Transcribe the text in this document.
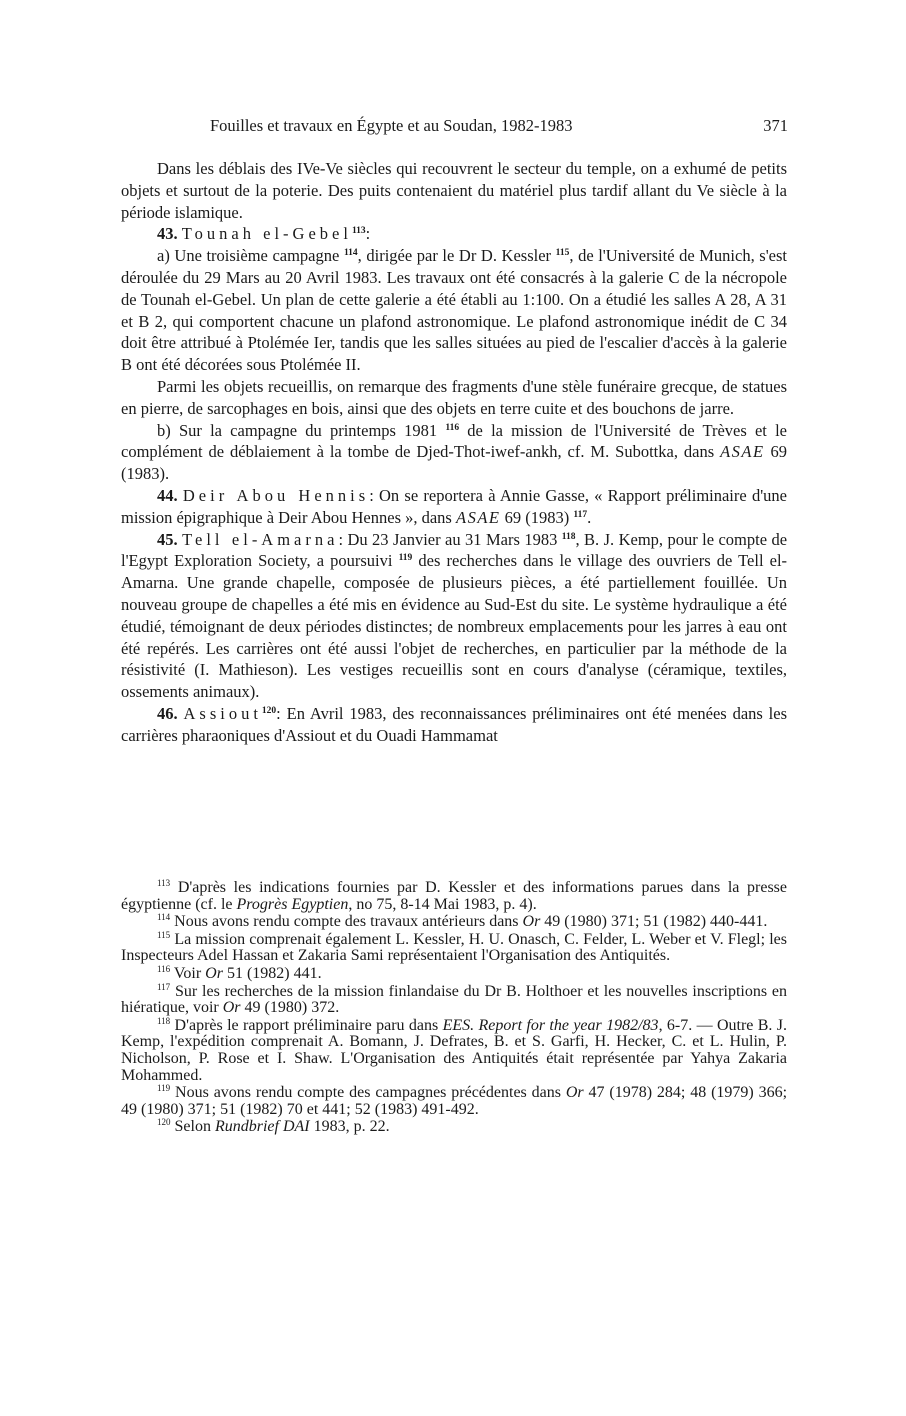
Fouilles et travaux en Égypte et au Soudan, 1982-1983	371

Dans les déblais des IVe-Ve siècles qui recouvrent le secteur du temple, on a exhumé de petits objets et surtout de la poterie. Des puits contenaient du matériel plus tardif allant du Ve siècle à la période islamique.

43. Tounah el-Gebel$^{113}$:

a) Une troisième campagne $^{114}$, dirigée par le Dr D. Kessler $^{115}$, de l'Université de Munich, s'est déroulée du 29 Mars au 20 Avril 1983. Les travaux ont été consacrés à la galerie C de la nécropole de Tounah el-Gebel. Un plan de cette galerie a été établi au 1:100. On a étudié les salles A 28, A 31 et B 2, qui comportent chacune un plafond astronomique. Le plafond astronomique inédit de C 34 doit être attribué à Ptolémée Ier, tandis que les salles situées au pied de l'escalier d'accès à la galerie B ont été décorées sous Ptolémée II.

Parmi les objets recueillis, on remarque des fragments d'une stèle funéraire grecque, de statues en pierre, de sarcophages en bois, ainsi que des objets en terre cuite et des bouchons de jarre.

b) Sur la campagne du printemps 1981 $^{116}$ de la mission de l'Université de Trèves et le complément de déblaiement à la tombe de Djed-Thot-iwef-ankh, cf. M. Subottka, dans ASAE 69 (1983).

44. Deir Abou Hennis: On se reportera à Annie Gasse, « Rapport préliminaire d'une mission épigraphique à Deir Abou Hennes », dans ASAE 69 (1983) $^{117}$.

45. Tell el-Amarna: Du 23 Janvier au 31 Mars 1983 $^{118}$, B. J. Kemp, pour le compte de l'Egypt Exploration Society, a poursuivi $^{119}$ des recherches dans le village des ouvriers de Tell el-Amarna. Une grande chapelle, composée de plusieurs pièces, a été partiellement fouillée. Un nouveau groupe de chapelles a été mis en évidence au Sud-Est du site. Le système hydraulique a été étudié, témoignant de deux périodes distinctes; de nombreux emplacements pour les jarres à eau ont été repérés. Les carrières ont été aussi l'objet de recherches, en particulier par la méthode de la résistivité (I. Mathieson). Les vestiges recueillis sont en cours d'analyse (céramique, textiles, ossements animaux).

46. Assiout$^{120}$: En Avril 1983, des reconnaissances préliminaires ont été menées dans les carrières pharaoniques d'Assiout et du Ouadi Hammamat

$^{113}$ D'après les indications fournies par D. Kessler et des informations parues dans la presse égyptienne (cf. le Progrès Egyptien, no 75, 8-14 Mai 1983, p. 4).

$^{114}$ Nous avons rendu compte des travaux antérieurs dans Or 49 (1980) 371; 51 (1982) 440-441.

$^{115}$ La mission comprenait également L. Kessler, H. U. Onasch, C. Felder, L. Weber et V. Flegl; les Inspecteurs Adel Hassan et Zakaria Sami représentaient l'Organisation des Antiquités.

$^{116}$ Voir Or 51 (1982) 441.

$^{117}$ Sur les recherches de la mission finlandaise du Dr B. Holthoer et les nouvelles inscriptions en hiératique, voir Or 49 (1980) 372.

$^{118}$ D'après le rapport préliminaire paru dans EES. Report for the year 1982/83, 6-7. — Outre B. J. Kemp, l'expédition comprenait A. Bomann, J. Defrates, B. et S. Garfi, H. Hecker, C. et L. Hulin, P. Nicholson, P. Rose et I. Shaw. L'Organisation des Antiquités était représentée par Yahya Zakaria Mohammed.

$^{119}$ Nous avons rendu compte des campagnes précédentes dans Or 47 (1978) 284; 48 (1979) 366; 49 (1980) 371; 51 (1982) 70 et 441; 52 (1983) 491-492.

$^{120}$ Selon Rundbrief DAI 1983, p. 22.
